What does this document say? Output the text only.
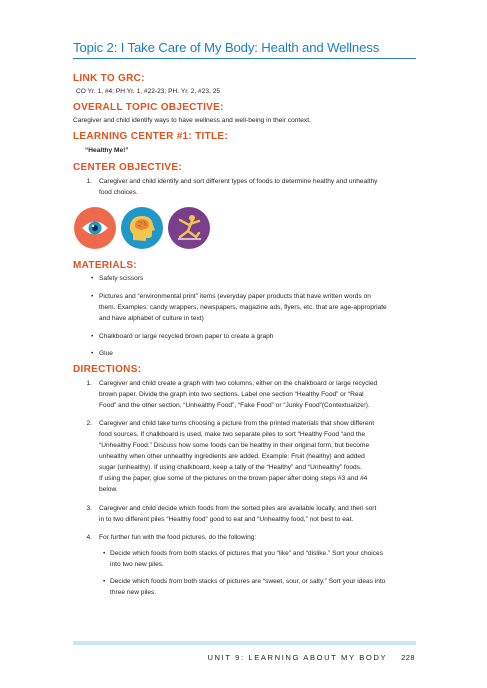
Topic 2: I Take Care of My Body: Health and Wellness
LINK TO GRC:
CO Yr. 1, #4; PH Yr. 1, #22-23; PH. Yr. 2, #23, 25
OVERALL TOPIC OBJECTIVE:
Caregiver and child identify ways to have wellness and well-being in their context.
LEARNING CENTER #1: TITLE:
“Healthy Me!”
CENTER OBJECTIVE:
1. Caregiver and child identify and sort different types of foods to determine healthy and unhealthy
food choices.
MATERIALS:
• Safety scissors
• Pictures and “environmental print” items (everyday paper products that have written words on
them. Examples: candy wrappers, newspapers, magazine ads, flyers, etc. that are age-appropriate
and have alphabet of culture in text)
• Chalkboard or large recycled brown paper to create a graph
• Glue
DIRECTIONS:
1. Caregiver and child create a graph with two columns, either on the chalkboard or large recycled
brown paper. Divide the graph into two sections. Label one section “Healthy Food” or “Real
Food” and the other section, “Unhealthy Food”, “Fake Food” or “Junky Food”(Contextualize!).
2. Caregiver and child take turns choosing a picture from the printed materials that show different
food sources. If chalkboard is used, make two separate piles to sort “Healthy Food “and the
“Unhealthy Food.” Discuss how some foods can be healthy in their original form, but become
unhealthy when other unhealthy ingredients are added. Example: Fruit (healthy) and added
sugar (unhealthy). If using chalkboard, keep a tally of the “Healthy” and “Unhealthy” foods.
If using the paper, glue some of the pictures on the brown paper after doing steps #3 and #4
below.
3. Caregiver and child decide which foods from the sorted piles are available locally, and then sort
in to two different piles “Healthy food” good to eat and “Unhealthy food,” not best to eat.
4. For further fun with the food pictures, do the following:
• Decide which foods from both stacks of pictures that you “like” and “dislike.” Sort your choices
into two new piles.
• Decide which foods from both stacks of pictures are “sweet, sour, or salty.” Sort your ideas into
three new piles.
UNIT 9: LEARNING ABOUT MY BODY 228
